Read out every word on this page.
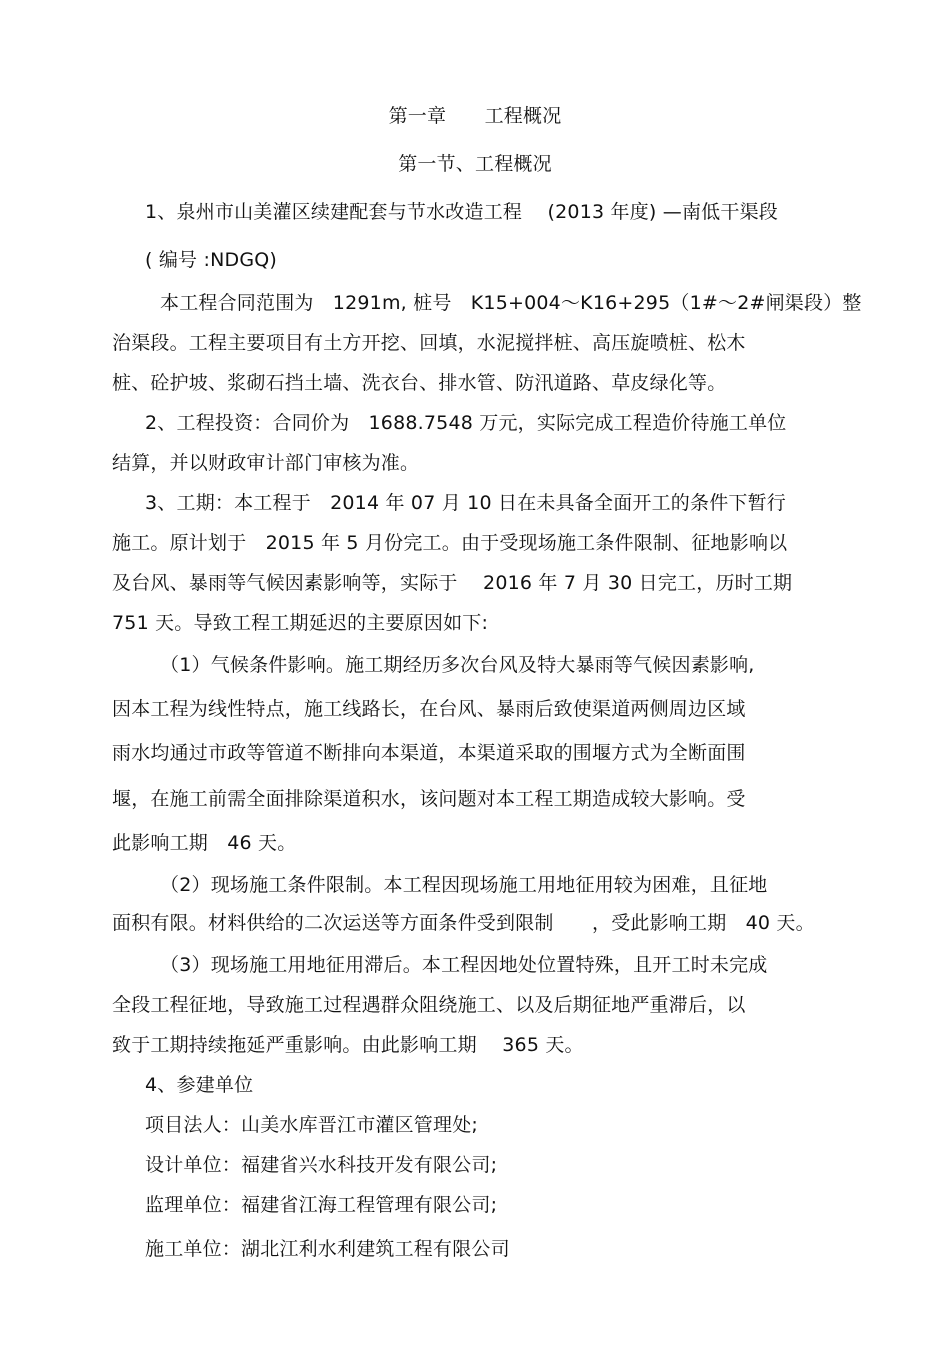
第一章　　工程概况

第一节、工程概况

1、泉州市山美灌区续建配套与节水改造工程　 (2013 年度) —南低干渠段

( 编号 :NDGQ)

本工程合同范围为　1291m, 桩号　K15+004～K16+295（1#～2#闸渠段）整

治渠段。工程主要项目有土方开挖、回填，水泥搅拌桩、高压旋喷桩、松木

桩、砼护坡、浆砌石挡土墙、洗衣台、排水管、防汛道路、草皮绿化等。

2、工程投资：合同价为　1688.7548 万元，实际完成工程造价待施工单位

结算，并以财政审计部门审核为准。

3、工期：本工程于　2014 年 07 月 10 日在未具备全面开工的条件下暂行

施工。原计划于　2015 年 5 月份完工。由于受现场施工条件限制、征地影响以

及台风、暴雨等气候因素影响等，实际于　 2016 年 7 月 30 日完工，历时工期

751 天。导致工程工期延迟的主要原因如下:

（1）气候条件影响。施工期经历多次台风及特大暴雨等气候因素影响,

因本工程为线性特点，施工线路长，在台风、暴雨后致使渠道两侧周边区域

雨水均通过市政等管道不断排向本渠道，本渠道采取的围堰方式为全断面围

堰，在施工前需全面排除渠道积水，该问题对本工程工期造成较大影响。受

此影响工期　46 天。

（2）现场施工条件限制。本工程因现场施工用地征用较为困难，且征地

面积有限。材料供给的二次运送等方面条件受到限制　　，受此影响工期　40 天。

（3）现场施工用地征用滞后。本工程因地处位置特殊，且开工时未完成

全段工程征地，导致施工过程遇群众阻绕施工、以及后期征地严重滞后，以

致于工期持续拖延严重影响。由此影响工期　 365 天。

4、参建单位

项目法人：山美水库晋江市灌区管理处;

设计单位：福建省兴水科技开发有限公司;

监理单位：福建省江海工程管理有限公司;

施工单位：湖北江利水利建筑工程有限公司
